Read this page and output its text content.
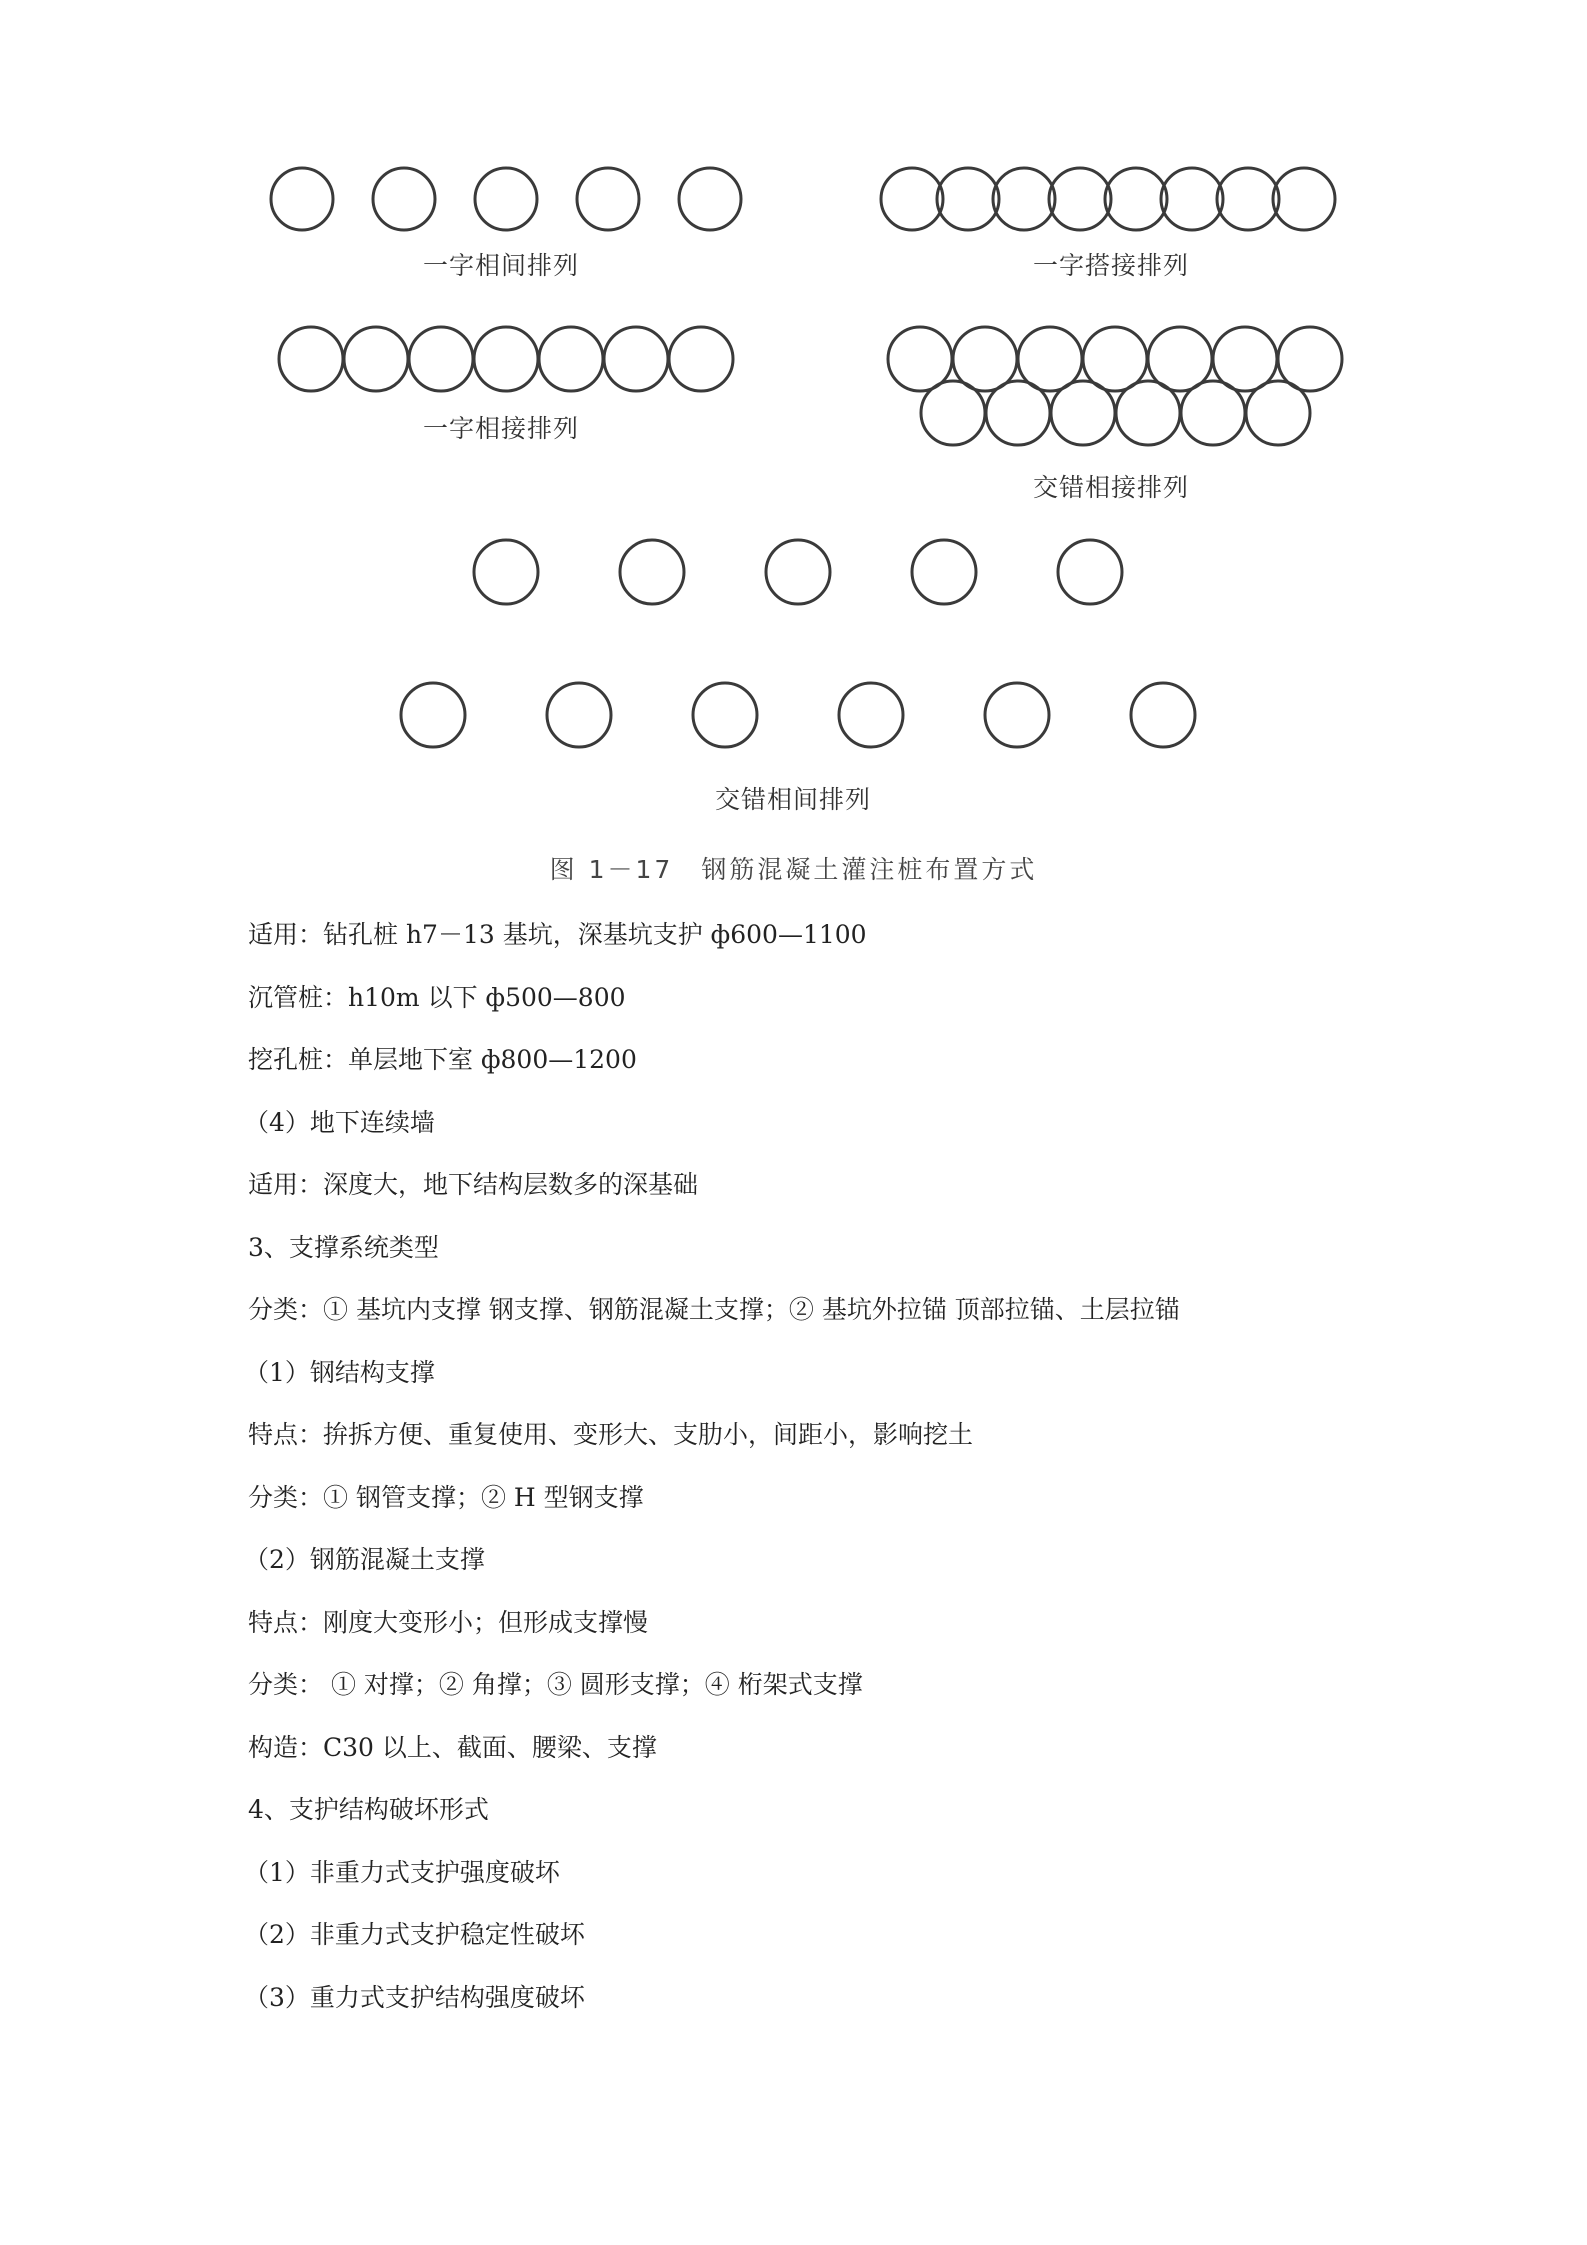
一字相间排列	一字搭接排列
一字相接排列
交错相接排列
交错相间排列
图 1－17　钢筋混凝土灌注桩布置方式
适用：钻孔桩 h7－13 基坑，深基坑支护 ф600—1100
沉管桩：h10m 以下 ф500—800
挖孔桩：单层地下室 ф800—1200
（4）地下连续墙
适用：深度大，地下结构层数多的深基础
3、支撑系统类型
分类：① 基坑内支撑 钢支撑、钢筋混凝土支撑；② 基坑外拉锚 顶部拉锚、土层拉锚
（1）钢结构支撑
特点：拚拆方便、重复使用、变形大、支肋小，间距小，影响挖土
分类：① 钢管支撑；② H 型钢支撑
（2）钢筋混凝土支撑
特点：刚度大变形小；但形成支撑慢
分类： ① 对撑；② 角撑；③ 圆形支撑；④ 桁架式支撑
构造：C30 以上、截面、腰梁、支撑
4、支护结构破坏形式
（1）非重力式支护强度破坏
（2）非重力式支护稳定性破坏
（3）重力式支护结构强度破坏
